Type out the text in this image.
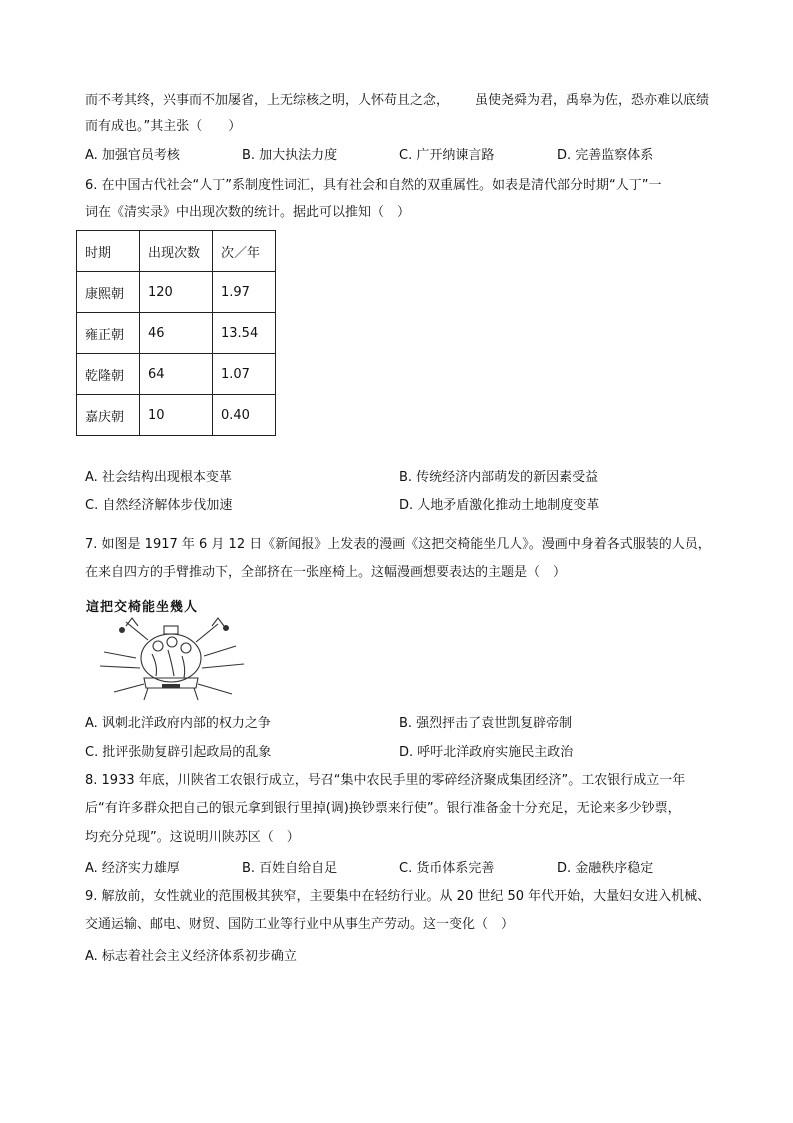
而不考其终，兴事而不加屡省，上无综核之明，人怀苟且之念， 虽使尧舜为君，禹皋为佐，恐亦难以底绩
而有成也。”其主张（　　）
A. 加强官员考核	B. 加大执法力度	C. 广开纳谏言路	D. 完善监察体系
6. 在中国古代社会“人丁”系制度性词汇，具有社会和自然的双重属性。如表是清代部分时期“人丁”一
词在《清实录》中出现次数的统计。据此可以推知（　）
时期	出现次数	次／年
康熙朝	120	1.97
雍正朝	46	13.54
乾隆朝	64	1.07
嘉庆朝	10	0.40
A. 社会结构出现根本变革	B. 传统经济内部萌发的新因素受益
C. 自然经济解体步伐加速	D. 人地矛盾激化推动土地制度变革
7. 如图是 1917 年 6 月 12 日《新闻报》上发表的漫画《这把交椅能坐几人》。漫画中身着各式服装的人员，
在来自四方的手臂推动下，全部挤在一张座椅上。这幅漫画想要表达的主题是（　）
這把交椅能坐幾人
A. 讽刺北洋政府内部的权力之争	B. 强烈抨击了袁世凯复辟帝制
C. 批评张勋复辟引起政局的乱象	D. 呼吁北洋政府实施民主政治
8. 1933 年底，川陕省工农银行成立，号召“集中农民手里的零碎经济聚成集团经济”。工农银行成立一年
后“有许多群众把自己的银元拿到银行里掉(调)换钞票来行使”。银行准备金十分充足，无论来多少钞票，
均充分兑现”。这说明川陕苏区（　）
A. 经济实力雄厚	B. 百姓自给自足	C. 货币体系完善	D. 金融秩序稳定
9. 解放前，女性就业的范围极其狭窄，主要集中在轻纺行业。从 20 世纪 50 年代开始，大量妇女进入机械、
交通运输、邮电、财贸、国防工业等行业中从事生产劳动。这一变化（　）
A. 标志着社会主义经济体系初步确立
